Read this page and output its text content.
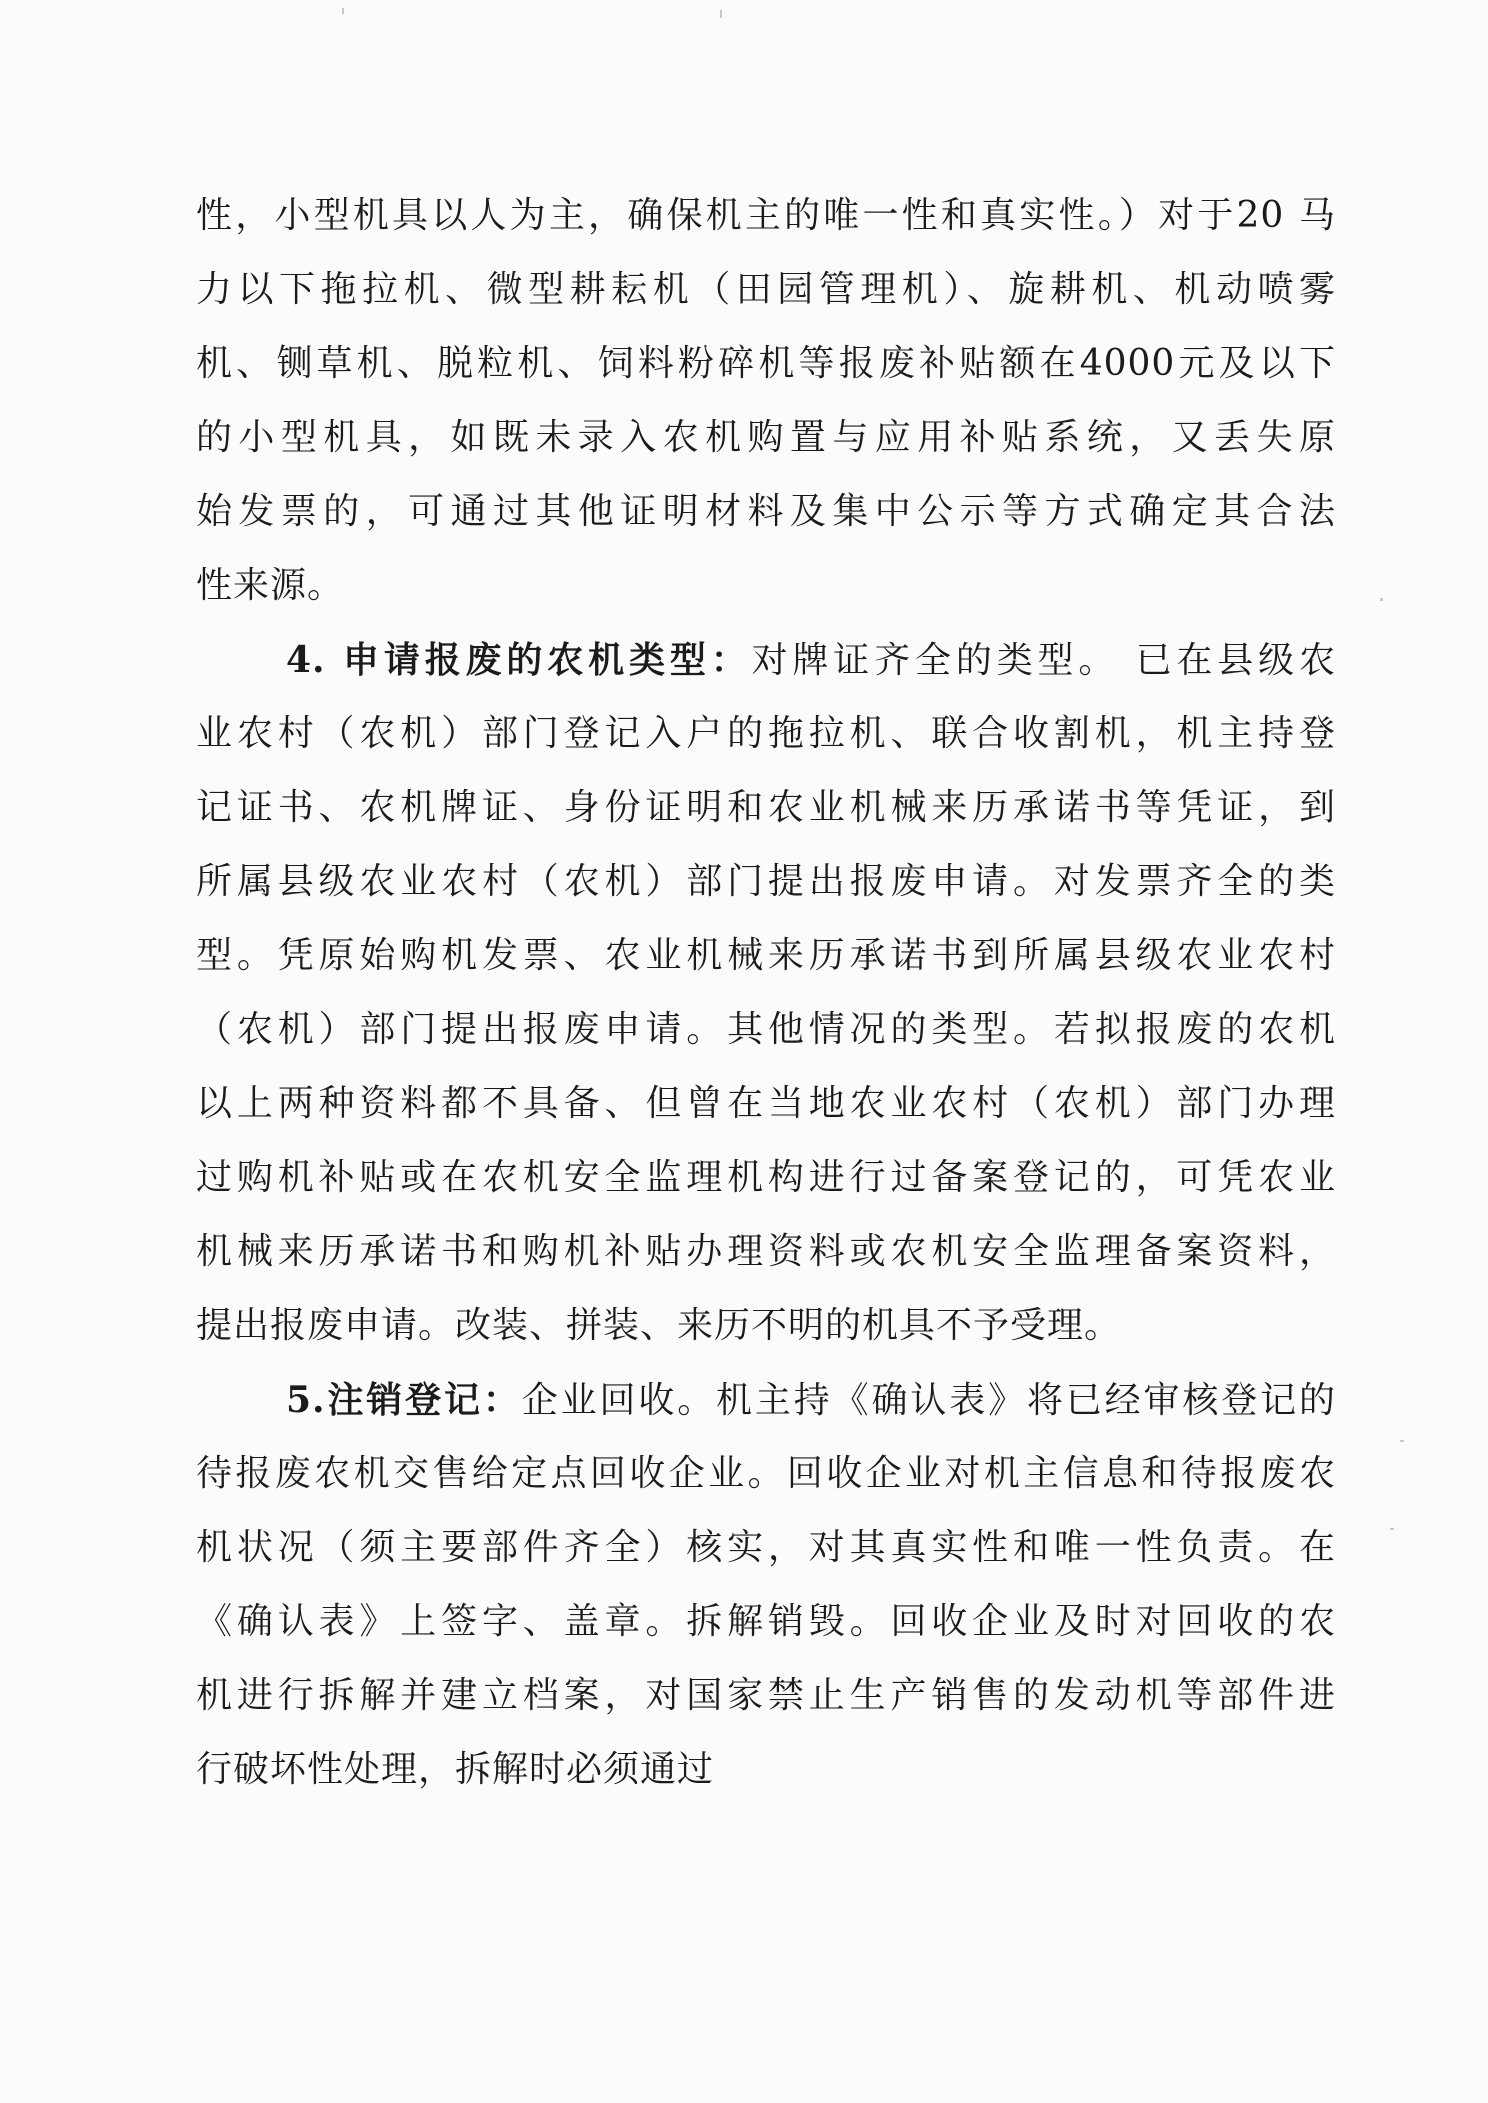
性，小型机具以人为主，确保机主的唯一性和真实性。）对于20 马
力以下拖拉机、微型耕耘机（田园管理机）、旋耕机、机动喷雾
机、铡草机、脱粒机、饲料粉碎机等报废补贴额在4000元及以下
的小型机具，如既未录入农机购置与应用补贴系统，又丢失原
始发票的，可通过其他证明材料及集中公示等方式确定其合法
性来源。
4. 申请报废的农机类型：对牌证齐全的类型。 已在县级农
业农村（农机）部门登记入户的拖拉机、联合收割机，机主持登
记证书、农机牌证、身份证明和农业机械来历承诺书等凭证，到
所属县级农业农村（农机）部门提出报废申请。对发票齐全的类
型。凭原始购机发票、农业机械来历承诺书到所属县级农业农村
（农机）部门提出报废申请。其他情况的类型。若拟报废的农机
以上两种资料都不具备、但曾在当地农业农村（农机）部门办理
过购机补贴或在农机安全监理机构进行过备案登记的，可凭农业
机械来历承诺书和购机补贴办理资料或农机安全监理备案资料，
提出报废申请。改装、拼装、来历不明的机具不予受理。
5.注销登记：企业回收。机主持《确认表》将已经审核登记的
待报废农机交售给定点回收企业。回收企业对机主信息和待报废农
机状况（须主要部件齐全）核实，对其真实性和唯一性负责。在
《确认表》上签字、盖章。拆解销毁。回收企业及时对回收的农
机进行拆解并建立档案，对国家禁止生产销售的发动机等部件进
行破坏性处理，拆解时必须通过
